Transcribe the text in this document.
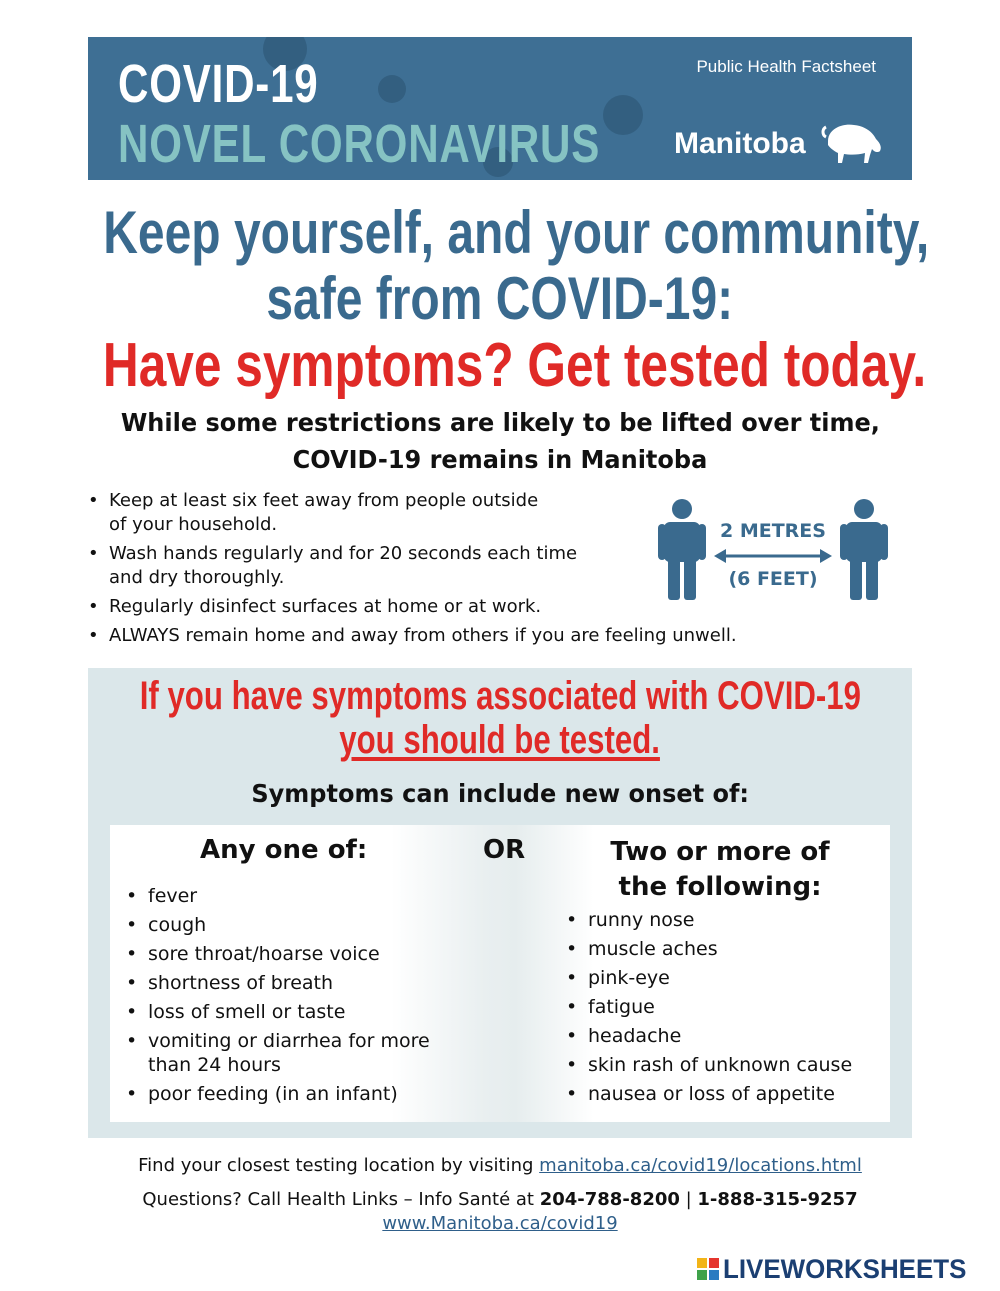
COVID-19
NOVEL CORONAVIRUS
Public Health Factsheet
Manitoba
Keep yourself, and your community,
safe from COVID-19:
Have symptoms? Get tested today.
While some restrictions are likely to be lifted over time,
COVID-19 remains in Manitoba
• Keep at least six feet away from people outside
of your household.
• Wash hands regularly and for 20 seconds each time
and dry thoroughly.
• Regularly disinfect surfaces at home or at work.
• ALWAYS remain home and away from others if you are feeling unwell.
2 METRES
(6 FEET)
If you have symptoms associated with COVID-19
you should be tested.
Symptoms can include new onset of:
Any one of:	OR	Two or more of
the following:
• fever
• cough
• sore throat/hoarse voice
• shortness of breath
• loss of smell or taste
• vomiting or diarrhea for more
than 24 hours
• poor feeding (in an infant)
• runny nose
• muscle aches
• pink-eye
• fatigue
• headache
• skin rash of unknown cause
• nausea or loss of appetite
Find your closest testing location by visiting manitoba.ca/covid19/locations.html
Questions? Call Health Links – Info Santé at 204-788-8200 | 1-888-315-9257
www.Manitoba.ca/covid19
LIVEWORKSHEETS
